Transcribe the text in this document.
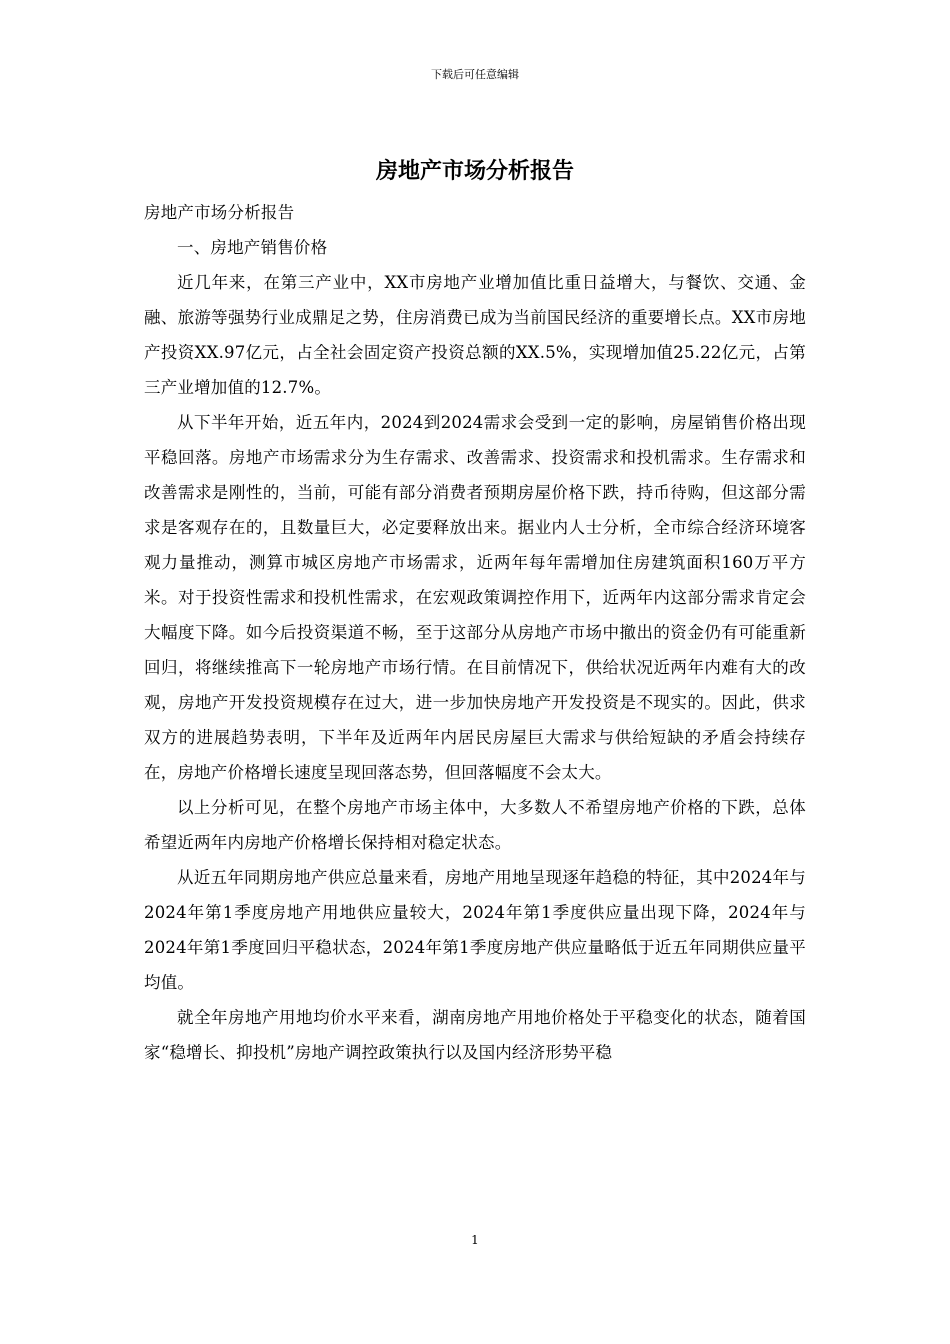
下载后可任意编辑
房地产市场分析报告

房地产市场分析报告

一、房地产销售价格

近几年来，在第三产业中，XX市房地产业增加值比重日益增大，与餐饮、交通、金融、旅游等强势行业成鼎足之势，住房消费已成为当前国民经济的重要增长点。XX市房地产投资XX.97亿元，占全社会固定资产投资总额的XX.5%，实现增加值25.22亿元，占第三产业增加值的12.7%。

从下半年开始，近五年内，2024到2024需求会受到一定的影响，房屋销售价格出现平稳回落。房地产市场需求分为生存需求、改善需求、投资需求和投机需求。生存需求和改善需求是刚性的，当前，可能有部分消费者预期房屋价格下跌，持币待购，但这部分需求是客观存在的，且数量巨大，必定要释放出来。据业内人士分析，全市综合经济环境客观力量推动，测算市城区房地产市场需求，近两年每年需增加住房建筑面积160万平方米。对于投资性需求和投机性需求，在宏观政策调控作用下，近两年内这部分需求肯定会大幅度下降。如今后投资渠道不畅，至于这部分从房地产市场中撤出的资金仍有可能重新回归，将继续推高下一轮房地产市场行情。在目前情况下，供给状况近两年内难有大的改观，房地产开发投资规模存在过大，进一步加快房地产开发投资是不现实的。因此，供求双方的进展趋势表明，下半年及近两年内居民房屋巨大需求与供给短缺的矛盾会持续存在，房地产价格增长速度呈现回落态势，但回落幅度不会太大。

以上分析可见，在整个房地产市场主体中，大多数人不希望房地产价格的下跌，总体希望近两年内房地产价格增长保持相对稳定状态。

从近五年同期房地产供应总量来看，房地产用地呈现逐年趋稳的特征，其中2024年与2024年第1季度房地产用地供应量较大，2024年第1季度供应量出现下降，2024年与2024年第1季度回归平稳状态，2024年第1季度房地产供应量略低于近五年同期供应量平均值。

就全年房地产用地均价水平来看，湖南房地产用地价格处于平稳变化的状态，随着国家“稳增长、抑投机”房地产调控政策执行以及国内经济形势平稳

1
